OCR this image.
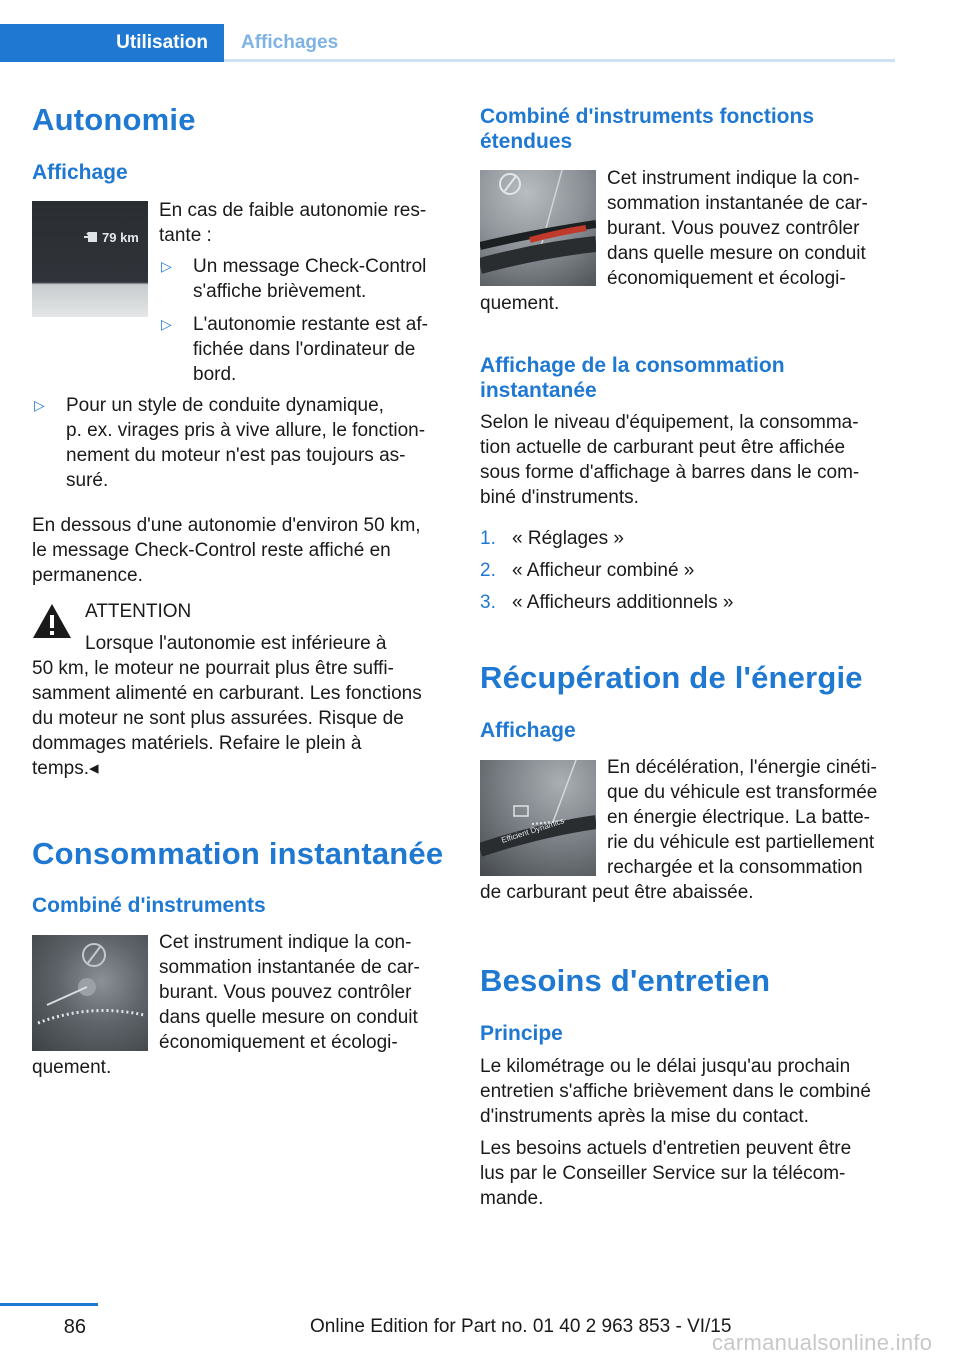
Utilisation	Affichages
Autonomie
Affichage
79 km

En cas de faible autonomie res-
tante :

▷ Un message Check-Control
s'affiche brièvement.
▷ L'autonomie restante est af-
fichée dans l'ordinateur de
bord.
▷ Pour un style de conduite dynamique,
p. ex. virages pris à vive allure, le fonction-
nement du moteur n'est pas toujours as-
suré.

En dessous d'une autonomie d'environ 50 km,
le message Check-Control reste affiché en
permanence.

ATTENTION

Lorsque l'autonomie est inférieure à

50 km, le moteur ne pourrait plus être suffi-
samment alimenté en carburant. Les fonctions
du moteur ne sont plus assurées. Risque de
dommages matériels. Refaire le plein à
temps.◂

Consommation instantanée
Combiné d'instruments

Cet instrument indique la con-
sommation instantanée de car-
burant. Vous pouvez contrôler
dans quelle mesure on conduit
économiquement et écologi-

quement.

Combiné d'instruments fonctions
étendues

Cet instrument indique la con-
sommation instantanée de car-
burant. Vous pouvez contrôler
dans quelle mesure on conduit
économiquement et écologi-

quement.

Affichage de la consommation
instantanée

Selon le niveau d'équipement, la consomma-
tion actuelle de carburant peut être affichée
sous forme d'affichage à barres dans le com-
biné d'instruments.

1. « Réglages »
2. « Afficheur combiné »
3. « Afficheurs additionnels »
Récupération de l'énergie
Affichage
Efficient Dynamics

En décélération, l'énergie cinéti-
que du véhicule est transformée
en énergie électrique. La batte-
rie du véhicule est partiellement
rechargée et la consommation

de carburant peut être abaissée.

Besoins d'entretien
Principe

Le kilométrage ou le délai jusqu'au prochain
entretien s'affiche brièvement dans le combiné
d'instruments après la mise du contact.

Les besoins actuels d'entretien peuvent être
lus par le Conseiller Service sur la télécom-
mande.

86	Online Edition for Part no. 01 40 2 963 853 - VI/15
carmanualsonline.info
